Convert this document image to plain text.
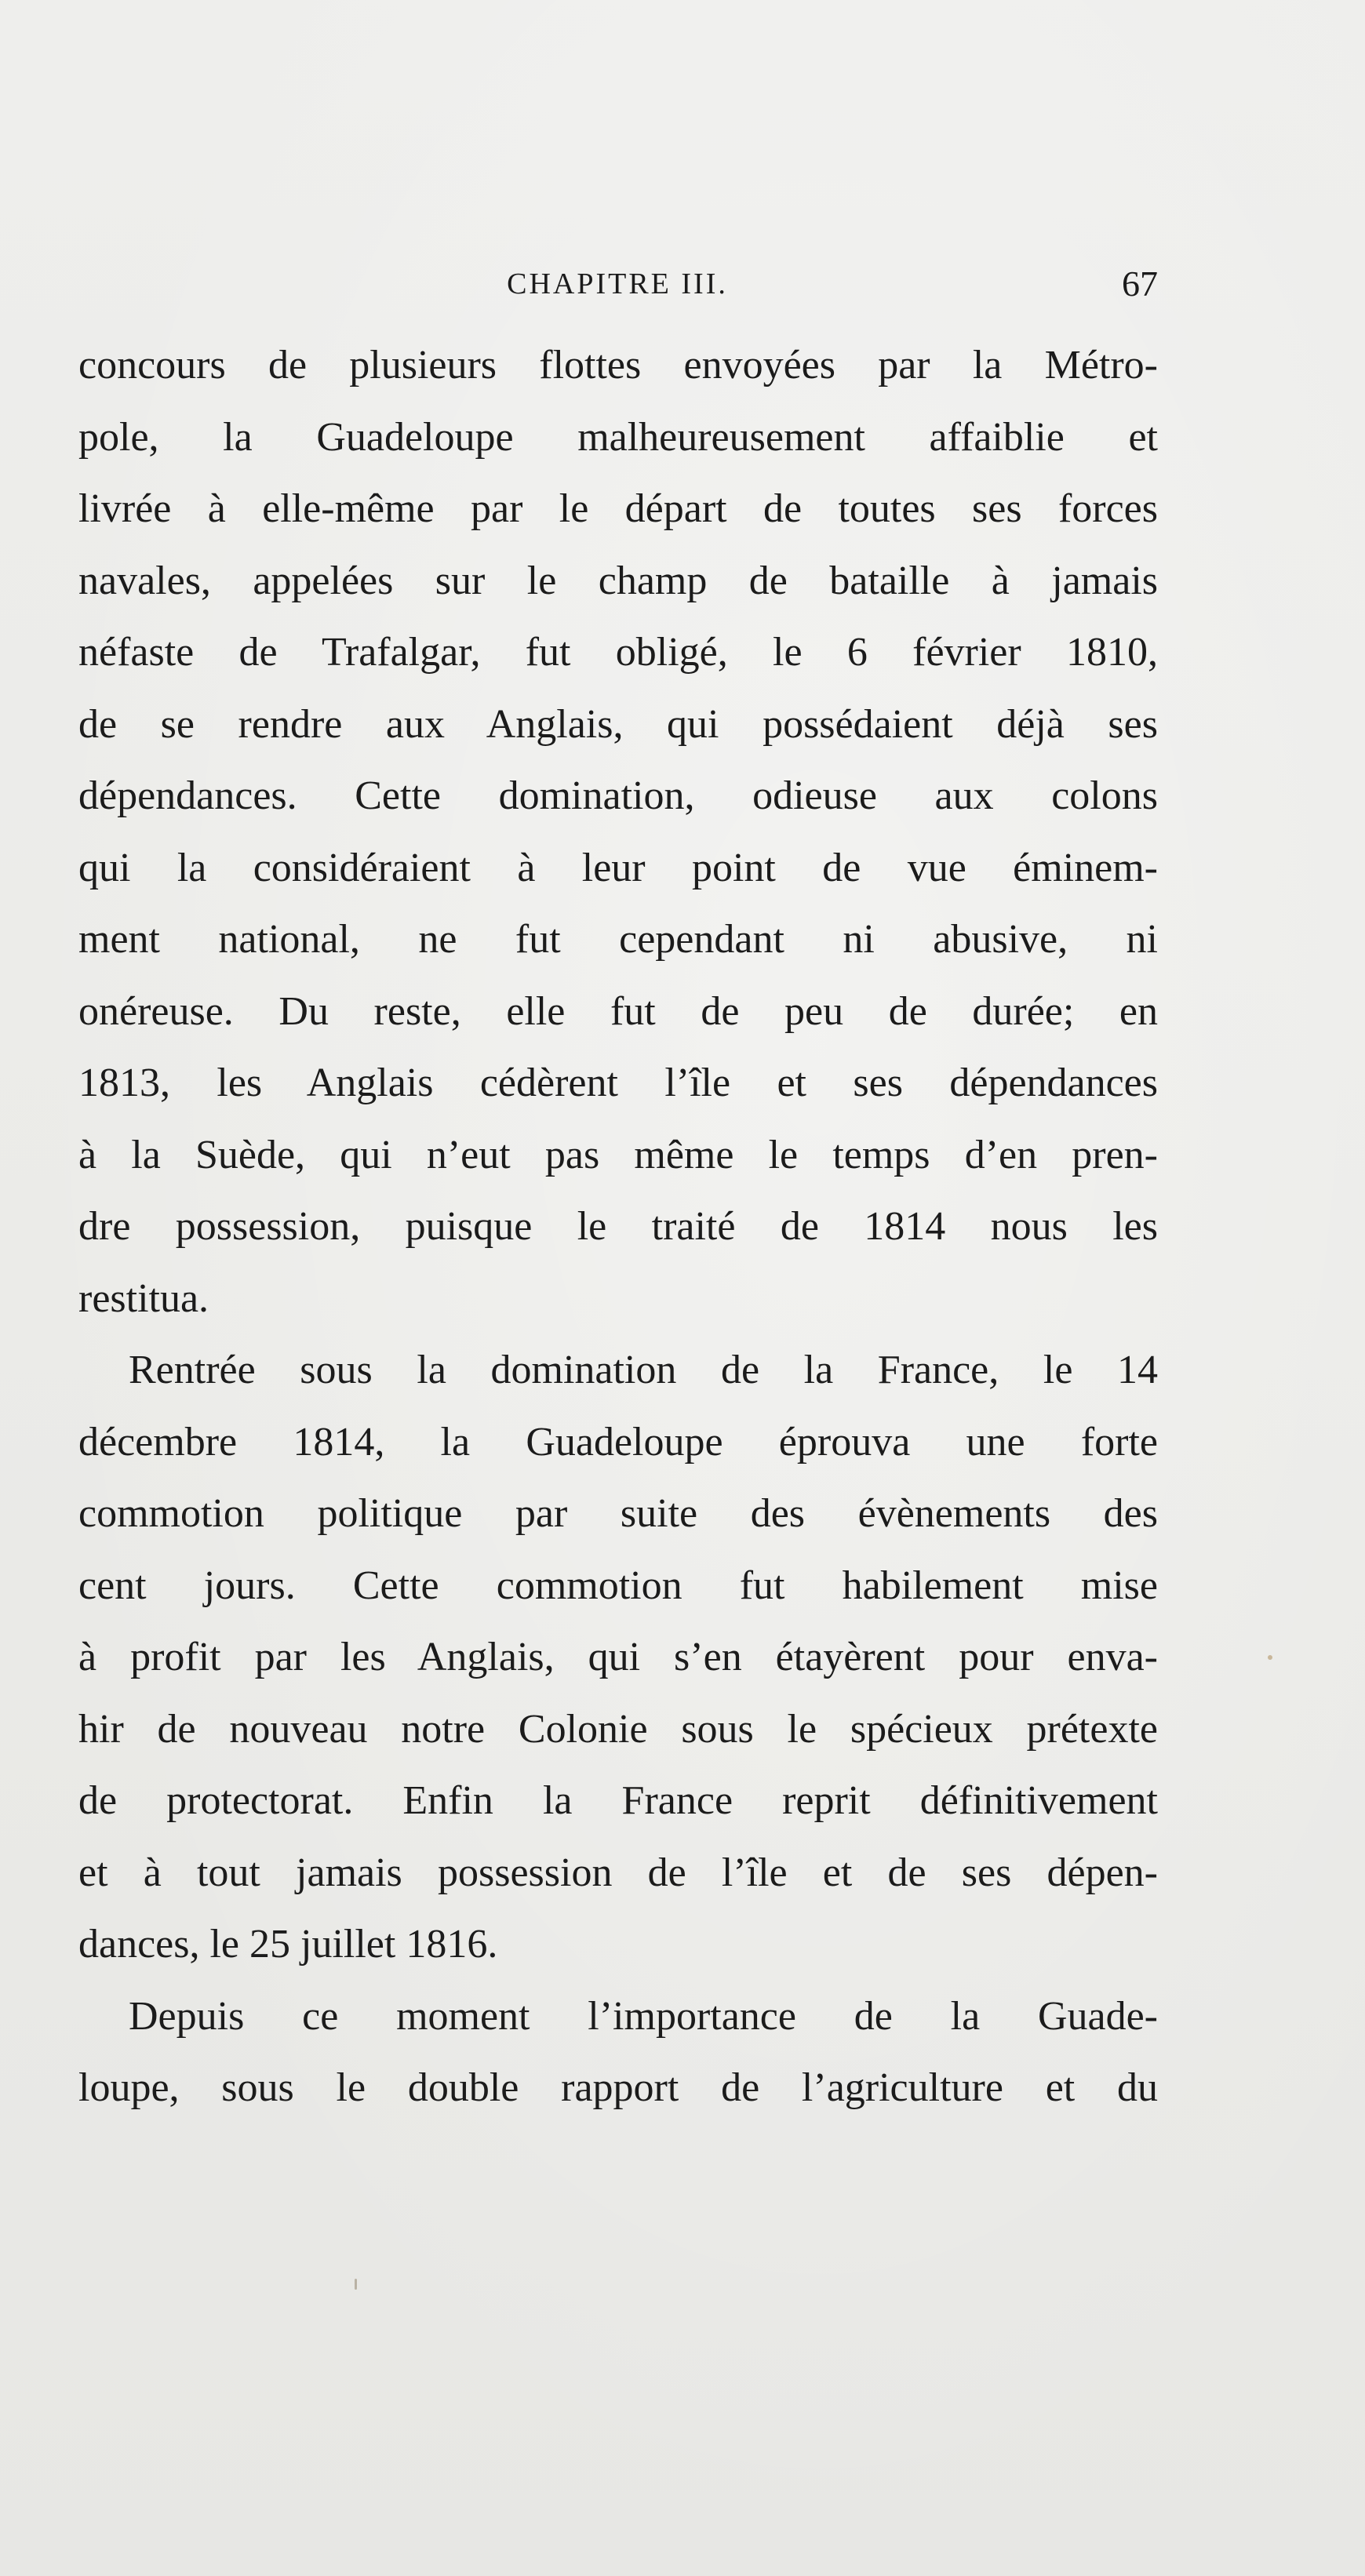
CHAPITRE III.	67
concours de plusieurs flottes envoyées par la Métro-
pole, la Guadeloupe malheureusement affaiblie et
livrée à elle-même par le départ de toutes ses forces
navales, appelées sur le champ de bataille à jamais
néfaste de Trafalgar, fut obligé, le 6 février 1810,
de se rendre aux Anglais, qui possédaient déjà ses
dépendances. Cette domination, odieuse aux colons
qui la considéraient à leur point de vue éminem-
ment national, ne fut cependant ni abusive, ni
onéreuse. Du reste, elle fut de peu de durée; en
1813, les Anglais cédèrent l’île et ses dépendances
à la Suède, qui n’eut pas même le temps d’en pren-
dre possession, puisque le traité de 1814 nous les
restitua.
Rentrée sous la domination de la France, le 14
décembre 1814, la Guadeloupe éprouva une forte
commotion politique par suite des évènements des
cent jours. Cette commotion fut habilement mise
à profit par les Anglais, qui s’en étayèrent pour enva-
hir de nouveau notre Colonie sous le spécieux prétexte
de protectorat. Enfin la France reprit définitivement
et à tout jamais possession de l’île et de ses dépen-
dances, le 25 juillet 1816.
Depuis ce moment l’importance de la Guade-
loupe, sous le double rapport de l’agriculture et du
